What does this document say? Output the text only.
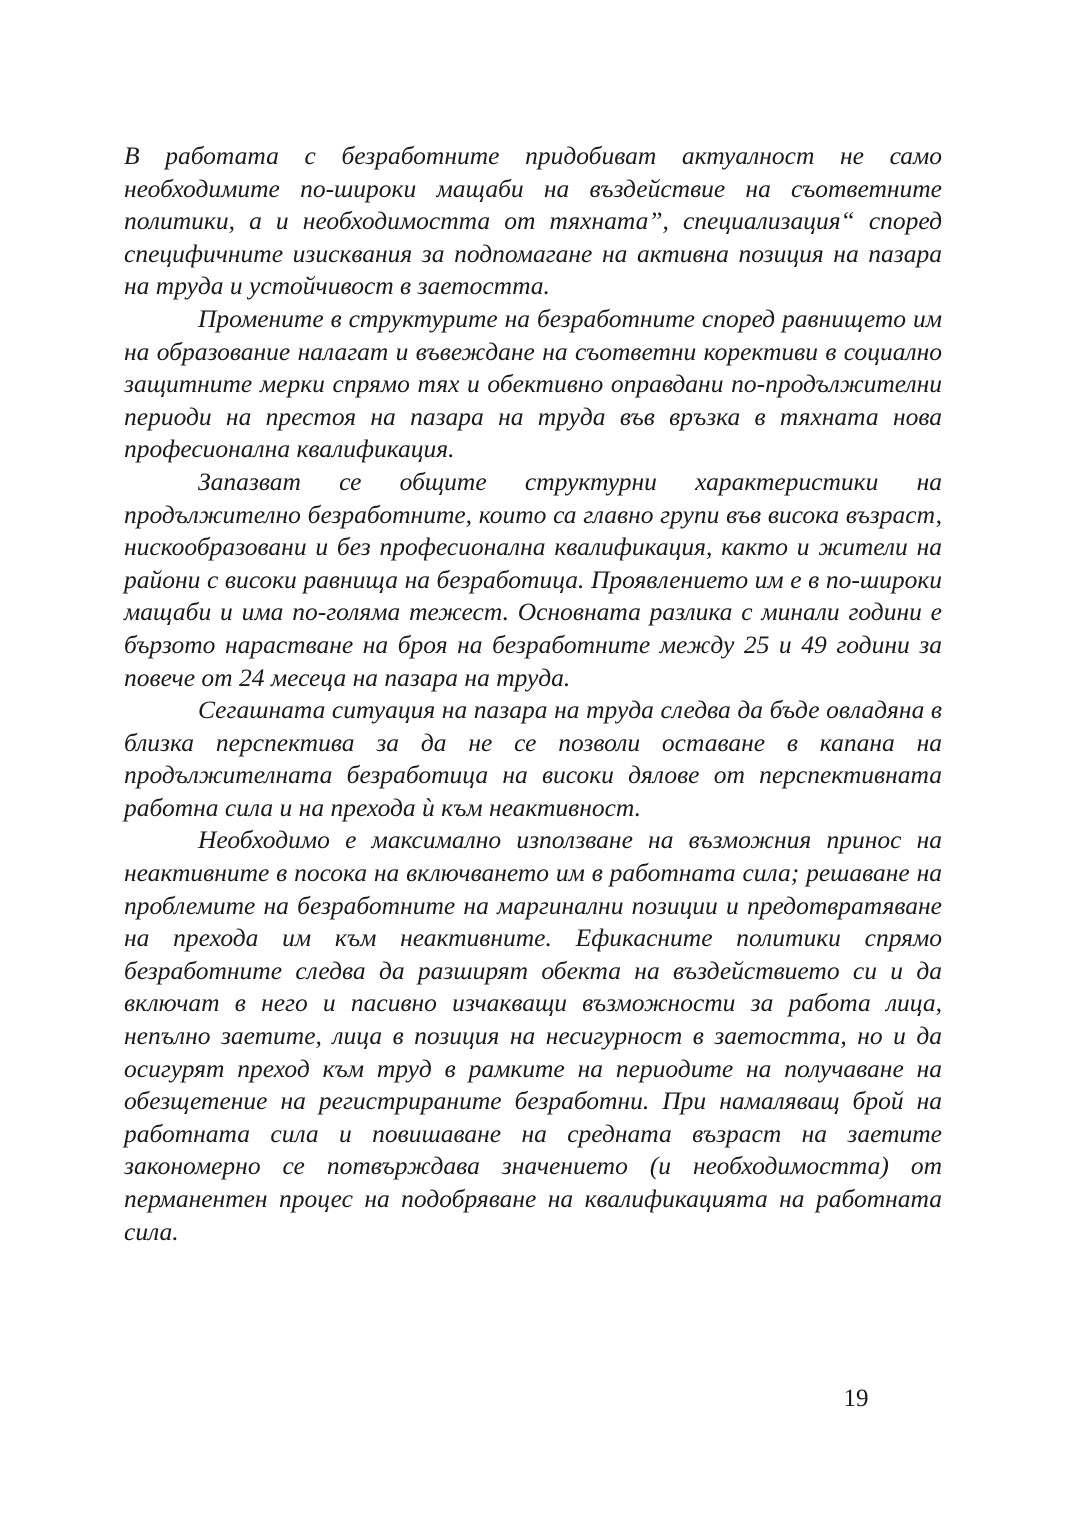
В работата с безработните придобиват актуалност не само необходимите по-широки мащаби на въздействие на съответните политики, а и необходимостта от тяхната”, специализация“ според специфичните изисквания за подпомагане на активна позиция на пазара на труда и устойчивост в заетостта.

Промените в структурите на безработните според равнището им на образование налагат и въвеждане на съответни корективи в социално защитните мерки спрямо тях и обективно оправдани по-продължителни периоди на престоя на пазара на труда във връзка в тяхната нова професионална квалификация.

Запазват се общите структурни характеристики на продължително безработните, които са главно групи във висока възраст, нискообразовани и без професионална квалификация, както и жители на райони с високи равнища на безработица. Проявлението им е в по-широки мащаби и има по-голяма тежест. Основната разлика с минали години е бързото нарастване на броя на безработните между 25 и 49 години за повече от 24 месеца на пазара на труда.

Сегашната ситуация на пазара на труда следва да бъде овладяна в близка перспектива за да не се позволи оставане в капана на продължителната безработица на високи дялове от перспективната работна сила и на прехода ѝ към неактивност.

Необходимо е максимално използване на възможния принос на неактивните в посока на включването им в работната сила; решаване на проблемите на безработните на маргинални позиции и предотвратяване на прехода им към неактивните. Ефикасните политики спрямо безработните следва да разширят обекта на въздействието си и да включат в него и пасивно изчакващи възможности за работа лица, непълно заетите, лица в позиция на несигурност в заетостта, но и да осигурят преход към труд в рамките на периодите на получаване на обезщетение на регистрираните безработни. При намаляващ брой на работната сила и повишаване на средната възраст на заетите закономерно се потвърждава значението (и необходимостта) от перманентен процес на подобряване на квалификацията на работната сила.

19
